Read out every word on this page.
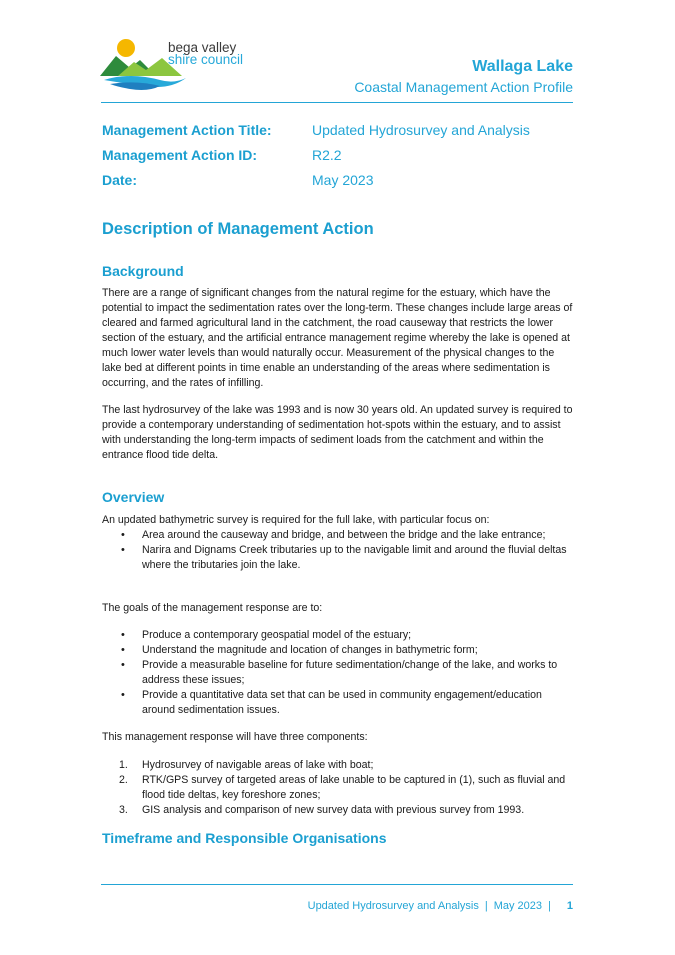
bega valley
shire council	Wallaga Lake
Coastal Management Action Profile
Management Action Title:	Updated Hydrosurvey and Analysis
Management Action ID:	R2.2
Date:	May 2023
Description of Management Action
Background

There are a range of significant changes from the natural regime for the estuary, which have the potential to impact the sedimentation rates over the long-term. These changes include large areas of cleared and farmed agricultural land in the catchment, the road causeway that restricts the lower section of the estuary, and the artificial entrance management regime whereby the lake is opened at much lower water levels than would naturally occur. Measurement of the physical changes to the lake bed at different points in time enable an understanding of the areas where sedimentation is occurring, and the rates of infilling.

The last hydrosurvey of the lake was 1993 and is now 30 years old. An updated survey is required to provide a contemporary understanding of sedimentation hot-spots within the estuary, and to assist with understanding the long-term impacts of sediment loads from the catchment and within the entrance flood tide delta.

Overview

An updated bathymetric survey is required for the full lake, with particular focus on:

• Area around the causeway and bridge, and between the bridge and the lake entrance;
• Narira and Dignams Creek tributaries up to the navigable limit and around the fluvial deltas where the tributaries join the lake.

The goals of the management response are to:

• Produce a contemporary geospatial model of the estuary;
• Understand the magnitude and location of changes in bathymetric form;
• Provide a measurable baseline for future sedimentation/change of the lake, and works to address these issues;
• Provide a quantitative data set that can be used in community engagement/education around sedimentation issues.

This management response will have three components:

1. Hydrosurvey of navigable areas of lake with boat;
2. RTK/GPS survey of targeted areas of lake unable to be captured in (1), such as fluvial and flood tide deltas, key foreshore zones;
3. GIS analysis and comparison of new survey data with previous survey from 1993.
Timeframe and Responsible Organisations
Updated Hydrosurvey and Analysis | May 2023 | 1
